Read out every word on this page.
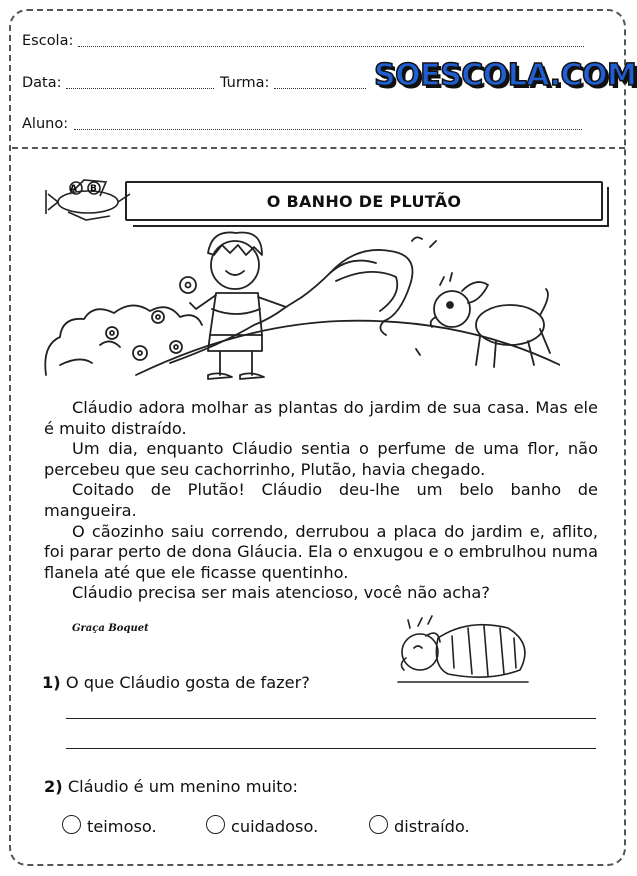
Escola:
Data:	Turma:	SOESCOLA.COM
Aluno:
A B
O BANHO DE PLUTÃO

Cláudio adora molhar as plantas do jardim de sua casa. Mas ele é muito distraído.

Um dia, enquanto Cláudio sentia o perfume de uma flor, não percebeu que seu cachorrinho, Plutão, havia chegado.

Coitado de Plutão! Cláudio deu-lhe um belo banho de mangueira.

O cãozinho saiu correndo, derrubou a placa do jardim e, aflito, foi parar perto de dona Gláucia. Ela o enxugou e o embrulhou numa flanela até que ele ficasse quentinho.

Cláudio precisa ser mais atencioso, você não acha?

Graça Boquet
1) O que Cláudio gosta de fazer?
2) Cláudio é um menino muito:
teimoso.	cuidadoso.	distraído.
